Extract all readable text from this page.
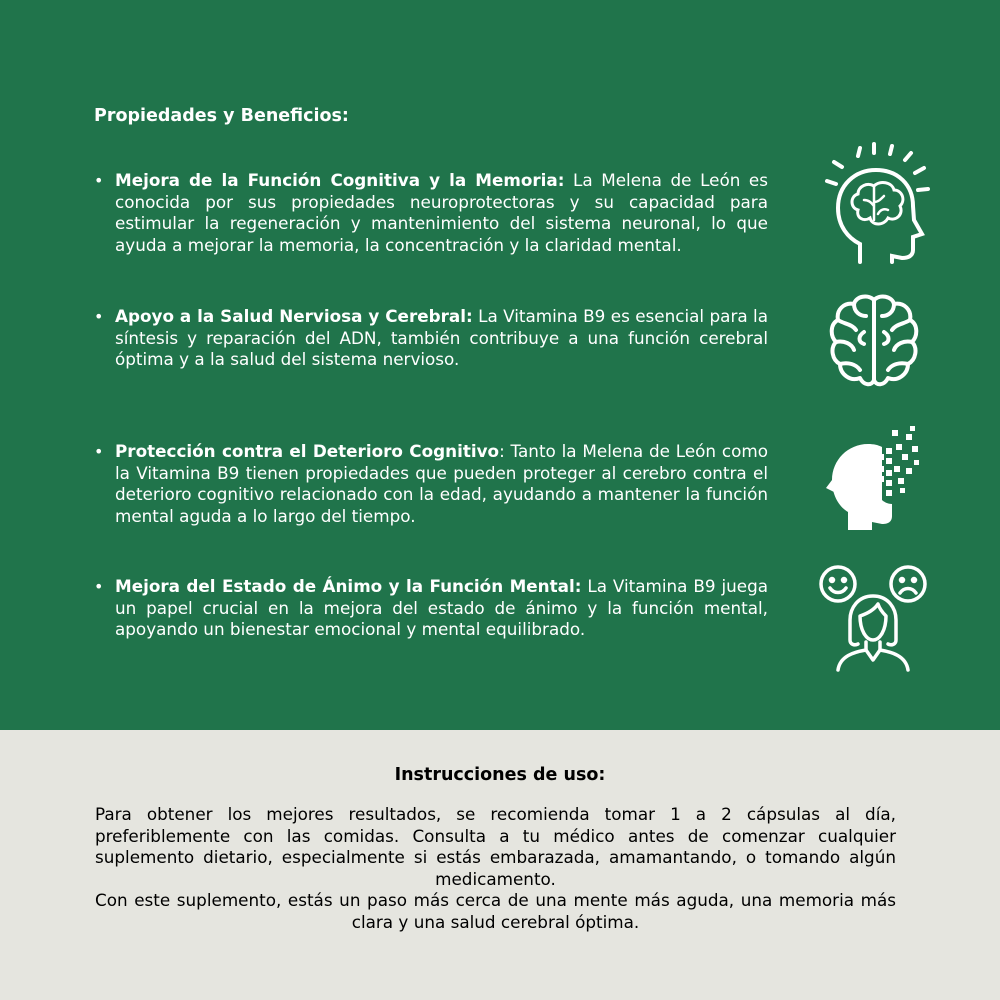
Propiedades y Beneficios:
• Mejora de la Función Cognitiva y la Memoria: La Melena de León es conocida por sus propiedades neuroprotectoras y su capacidad para estimular la regeneración y mantenimiento del sistema neuronal, lo que ayuda a mejorar la memoria, la concentración y la claridad mental.
• Apoyo a la Salud Nerviosa y Cerebral: La Vitamina B9 es esencial para la síntesis y reparación del ADN, también contribuye a una función cerebral óptima y a la salud del sistema nervioso.
• Protección contra el Deterioro Cognitivo: Tanto la Melena de León como la Vitamina B9 tienen propiedades que pueden proteger al cerebro contra el deterioro cognitivo relacionado con la edad, ayudando a mantener la función mental aguda a lo largo del tiempo.
• Mejora del Estado de Ánimo y la Función Mental: La Vitamina B9 juega un papel crucial en la mejora del estado de ánimo y la función mental, apoyando un bienestar emocional y mental equilibrado.
Instrucciones de uso:

Para obtener los mejores resultados, se recomienda tomar 1 a 2 cápsulas al día, preferiblemente con las comidas. Consulta a tu médico antes de comenzar cualquier suplemento dietario, especialmente si estás embarazada, amamantando, o tomando algún medicamento.

Con este suplemento, estás un paso más cerca de una mente más aguda, una memoria más clara y una salud cerebral óptima.
